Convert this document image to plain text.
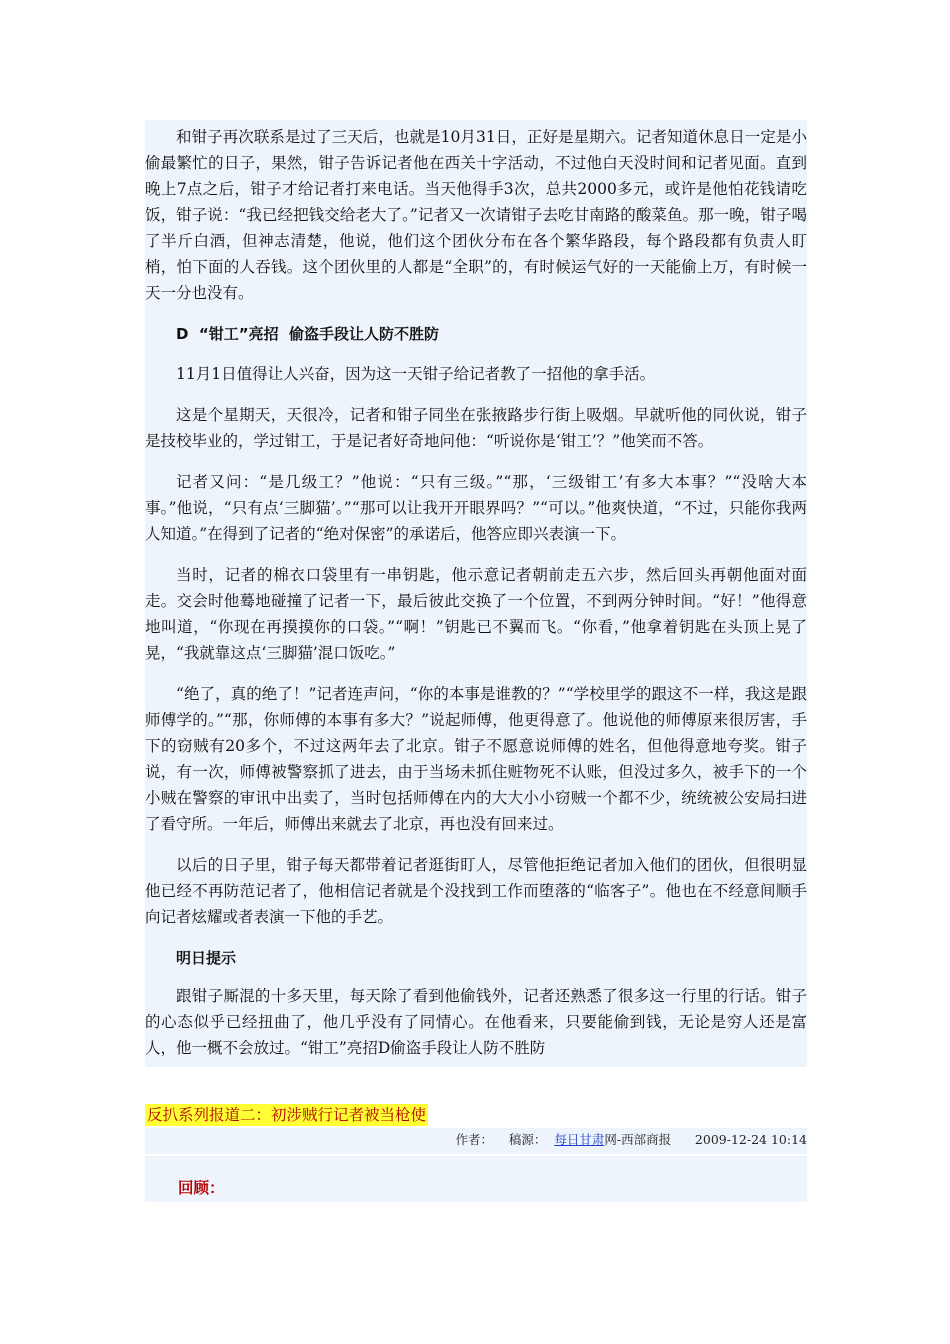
和钳子再次联系是过了三天后，也就是10月31日，正好是星期六。记者知道休息日一定是小偷最繁忙的日子，果然，钳子告诉记者他在西关十字活动，不过他白天没时间和记者见面。直到晚上7点之后，钳子才给记者打来电话。当天他得手3次，总共2000多元，或许是他怕花钱请吃饭，钳子说：“我已经把钱交给老大了。”记者又一次请钳子去吃甘南路的酸菜鱼。那一晚，钳子喝了半斤白酒，但神志清楚，他说，他们这个团伙分布在各个繁华路段，每个路段都有负责人盯梢，怕下面的人吞钱。这个团伙里的人都是“全职”的，有时候运气好的一天能偷上万，有时候一天一分也没有。

D  “钳工”亮招  偷盗手段让人防不胜防

11月1日值得让人兴奋，因为这一天钳子给记者教了一招他的拿手活。

这是个星期天，天很冷，记者和钳子同坐在张掖路步行街上吸烟。早就听他的同伙说，钳子是技校毕业的，学过钳工，于是记者好奇地问他：“听说你是‘钳工’？”他笑而不答。

记者又问：“是几级工？”他说：“只有三级。”“那，‘三级钳工’有多大本事？”“没啥大本事。”他说，“只有点‘三脚猫’。”“那可以让我开开眼界吗？”“可以。”他爽快道，“不过，只能你我两人知道。”在得到了记者的“绝对保密”的承诺后，他答应即兴表演一下。

当时，记者的棉衣口袋里有一串钥匙，他示意记者朝前走五六步，然后回头再朝他面对面走。交会时他蓦地碰撞了记者一下，最后彼此交换了一个位置，不到两分钟时间。“好！”他得意地叫道，“你现在再摸摸你的口袋。”“啊！”钥匙已不翼而飞。“你看，”他拿着钥匙在头顶上晃了晃，“我就靠这点‘三脚猫’混口饭吃。”

“绝了，真的绝了！”记者连声问，“你的本事是谁教的？”“学校里学的跟这不一样，我这是跟师傅学的。”“那，你师傅的本事有多大？”说起师傅，他更得意了。他说他的师傅原来很厉害，手下的窃贼有20多个，不过这两年去了北京。钳子不愿意说师傅的姓名，但他得意地夸奖。钳子说，有一次，师傅被警察抓了进去，由于当场未抓住赃物死不认账，但没过多久，被手下的一个小贼在警察的审讯中出卖了，当时包括师傅在内的大大小小窃贼一个都不少，统统被公安局扫进了看守所。一年后，师傅出来就去了北京，再也没有回来过。

以后的日子里，钳子每天都带着记者逛街盯人，尽管他拒绝记者加入他们的团伙，但很明显他已经不再防范记者了，他相信记者就是个没找到工作而堕落的“临客子”。他也在不经意间顺手向记者炫耀或者表演一下他的手艺。

明日提示

跟钳子厮混的十多天里，每天除了看到他偷钱外，记者还熟悉了很多这一行里的行话。钳子的心态似乎已经扭曲了，他几乎没有了同情心。在他看来，只要能偷到钱，无论是穷人还是富人，他一概不会放过。“钳工”亮招D偷盗手段让人防不胜防

反扒系列报道二：初涉贼行记者被当枪使
作者： 稿源： 每日甘肃网-西部商报 2009-12-24 10:14
回顾：
